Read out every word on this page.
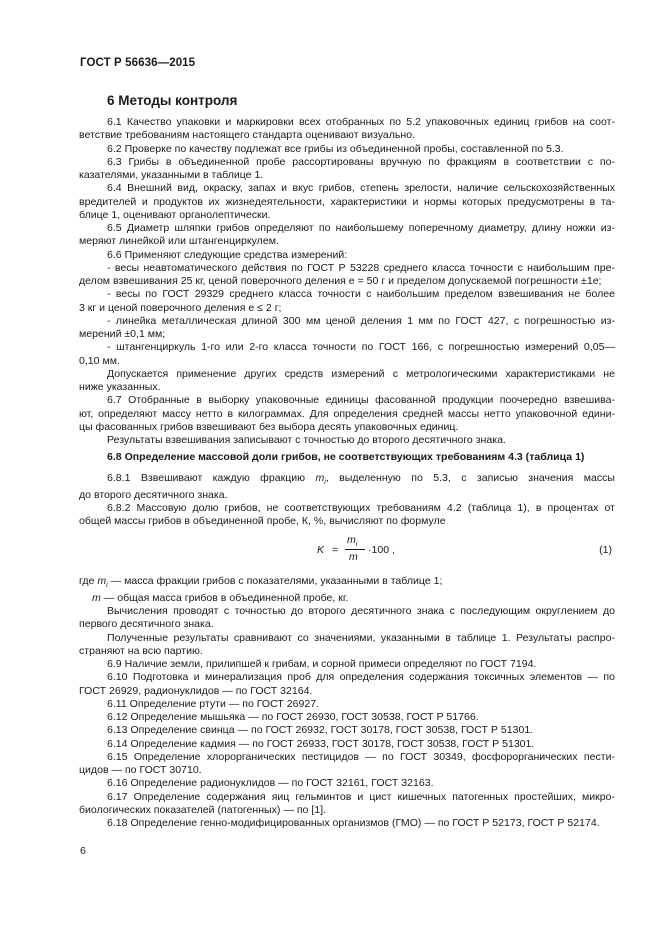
ГОСТ Р 56636—2015
6 Методы контроля

6.1 Качество упаковки и маркировки всех отобранных по 5.2 упаковочных единиц грибов на соот-

ветствие требованиям настоящего стандарта оценивают визуально.

6.2 Проверке по качеству подлежат все грибы из объединенной пробы, составленной по 5.3.

6.3 Грибы в объединенной пробе рассортированы вручную по фракциям в соответствии с по-

казателями, указанными в таблице 1.

6.4 Внешний вид, окраску, запах и вкус грибов, степень зрелости, наличие сельскохозяйственных

вредителей и продуктов их жизнедеятельности, характеристики и нормы которых предусмотрены в та-

блице 1, оценивают органолептически.

6.5 Диаметр шляпки грибов определяют по наибольшему поперечному диаметру, длину ножки из-

меряют линейкой или штангенциркулем.

6.6 Применяют следующие средства измерений:

- весы неавтоматического действия по ГОСТ Р 53228 среднего класса точности с наибольшим пре-

делом взвешивания 25 кг, ценой поверочного деления е = 50 г и пределом допускаемой погрешности ±1е;

- весы по ГОСТ 29329 среднего класса точности с наибольшим пределом взвешивания не более

3 кг и ценой поверочного деления е ≤ 2 г;

- линейка металлическая длиной 300 мм ценой деления 1 мм по ГОСТ 427, с погрешностью из-

мерений ±0,1 мм;

- штангенциркуль 1-го или 2-го класса точности по ГОСТ 166, с погрешностью измерений 0,05—

0,10 мм.

Допускается применение других средств измерений с метрологическими характеристиками не

ниже указанных.

6.7 Отобранные в выборку упаковочные единицы фасованной продукции поочередно взвешива-

ют, определяют массу нетто в килограммах. Для определения средней массы нетто упаковочной едини-

цы фасованных грибов взвешивают без выбора десять упаковочных единиц.

Результаты взвешивания записывают с точностью до второго десятичного знака.

6.8 Определение массовой доли грибов, не соответствующих требованиям 4.3 (таблица 1)

6.8.1 Взвешивают каждую фракцию $m_i$, выделенную по 5.3, с записью значения массы

до второго десятичного знака.

6.8.2 Массовую долю грибов, не соответствующих требованиям 4.2 (таблица 1), в процентах от

общей массы грибов в объединенной пробе, К, %, вычисляют по формуле

K =
$m_i$
m
·100 ,	(1)

где $m_i$ — масса фракции грибов с показателями, указанными в таблице 1;

m — общая масса грибов в объединенной пробе, кг.

Вычисления проводят с точностью до второго десятичного знака с последующим округлением до

первого десятичного знака.

Полученные результаты сравнивают со значениями, указанными в таблице 1. Результаты распро-

страняют на всю партию.

6.9 Наличие земли, прилипшей к грибам, и сорной примеси определяют по ГОСТ 7194.

6.10 Подготовка и минерализация проб для определения содержания токсичных элементов — по

ГОСТ 26929, радионуклидов — по ГОСТ 32164.

6.11 Определение ртути — по ГОСТ 26927.

6.12 Определение мышьяка — по ГОСТ 26930, ГОСТ 30538, ГОСТ Р 51766.

6.13 Определение свинца — по ГОСТ 26932, ГОСТ 30178, ГОСТ 30538, ГОСТ Р 51301.

6.14 Определение кадмия — по ГОСТ 26933, ГОСТ 30178, ГОСТ 30538, ГОСТ Р 51301.

6.15 Определение хлорорганических пестицидов — по ГОСТ 30349, фосфорорганических пести-

цидов — по ГОСТ 30710.

6.16 Определение радионуклидов — по ГОСТ 32161, ГОСТ 32163.

6.17 Определение содержания яиц гельминтов и цист кишечных патогенных простейших, микро-

биологических показателей (патогенных) — по [1].

6.18 Определение генно-модифицированных организмов (ГМО) — по ГОСТ Р 52173, ГОСТ Р 52174.

6
